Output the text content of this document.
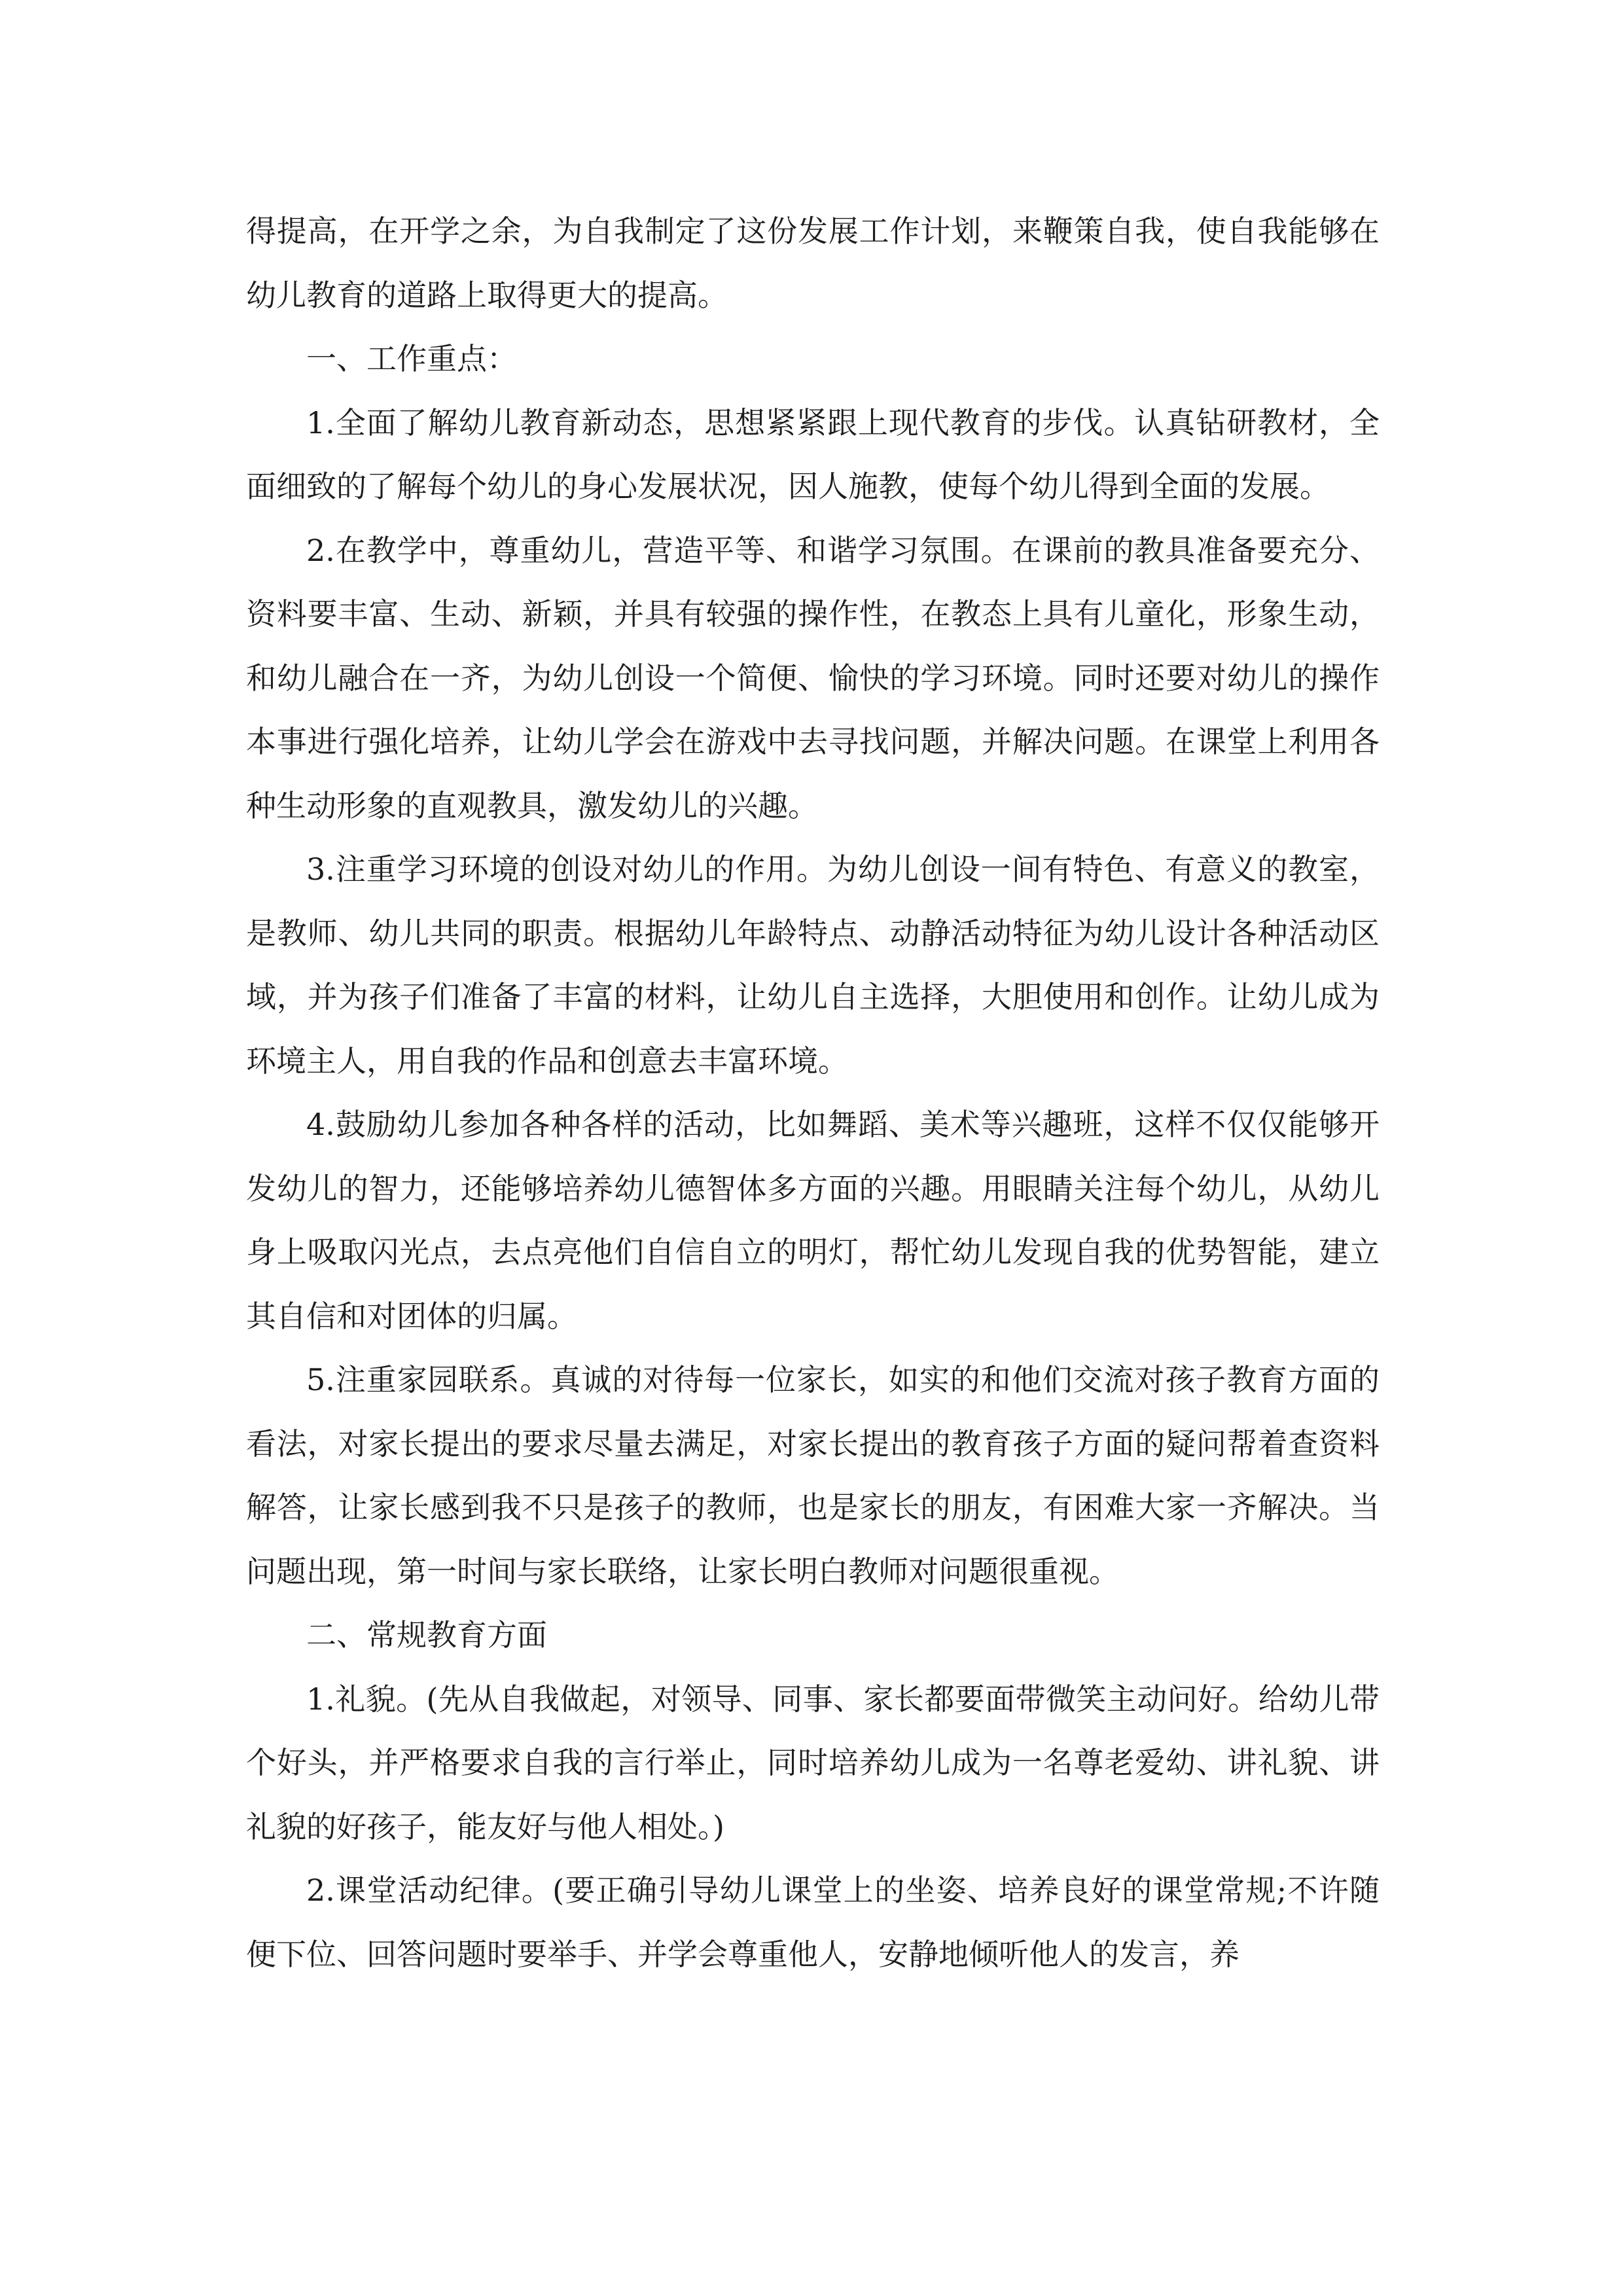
得提高，在开学之余，为自我制定了这份发展工作计划，来鞭策自我，使自我能够在幼儿教育的道路上取得更大的提高。

一、工作重点：

1.全面了解幼儿教育新动态，思想紧紧跟上现代教育的步伐。认真钻研教材，全面细致的了解每个幼儿的身心发展状况，因人施教，使每个幼儿得到全面的发展。

2.在教学中，尊重幼儿，营造平等、和谐学习氛围。在课前的教具准备要充分、资料要丰富、生动、新颖，并具有较强的操作性，在教态上具有儿童化，形象生动，和幼儿融合在一齐，为幼儿创设一个简便、愉快的学习环境。同时还要对幼儿的操作本事进行强化培养，让幼儿学会在游戏中去寻找问题，并解决问题。在课堂上利用各种生动形象的直观教具，激发幼儿的兴趣。

3.注重学习环境的创设对幼儿的作用。为幼儿创设一间有特色、有意义的教室，是教师、幼儿共同的职责。根据幼儿年龄特点、动静活动特征为幼儿设计各种活动区域，并为孩子们准备了丰富的材料，让幼儿自主选择，大胆使用和创作。让幼儿成为环境主人，用自我的作品和创意去丰富环境。

4.鼓励幼儿参加各种各样的活动，比如舞蹈、美术等兴趣班，这样不仅仅能够开发幼儿的智力，还能够培养幼儿德智体多方面的兴趣。用眼睛关注每个幼儿，从幼儿身上吸取闪光点，去点亮他们自信自立的明灯，帮忙幼儿发现自我的优势智能，建立其自信和对团体的归属。

5.注重家园联系。真诚的对待每一位家长，如实的和他们交流对孩子教育方面的看法，对家长提出的要求尽量去满足，对家长提出的教育孩子方面的疑问帮着查资料解答，让家长感到我不只是孩子的教师，也是家长的朋友，有困难大家一齐解决。当问题出现，第一时间与家长联络，让家长明白教师对问题很重视。

二、常规教育方面

1.礼貌。(先从自我做起，对领导、同事、家长都要面带微笑主动问好。给幼儿带个好头，并严格要求自我的言行举止，同时培养幼儿成为一名尊老爱幼、讲礼貌、讲礼貌的好孩子，能友好与他人相处。)

2.课堂活动纪律。(要正确引导幼儿课堂上的坐姿、培养良好的课堂常规;不许随便下位、回答问题时要举手、并学会尊重他人，安静地倾听他人的发言，养
